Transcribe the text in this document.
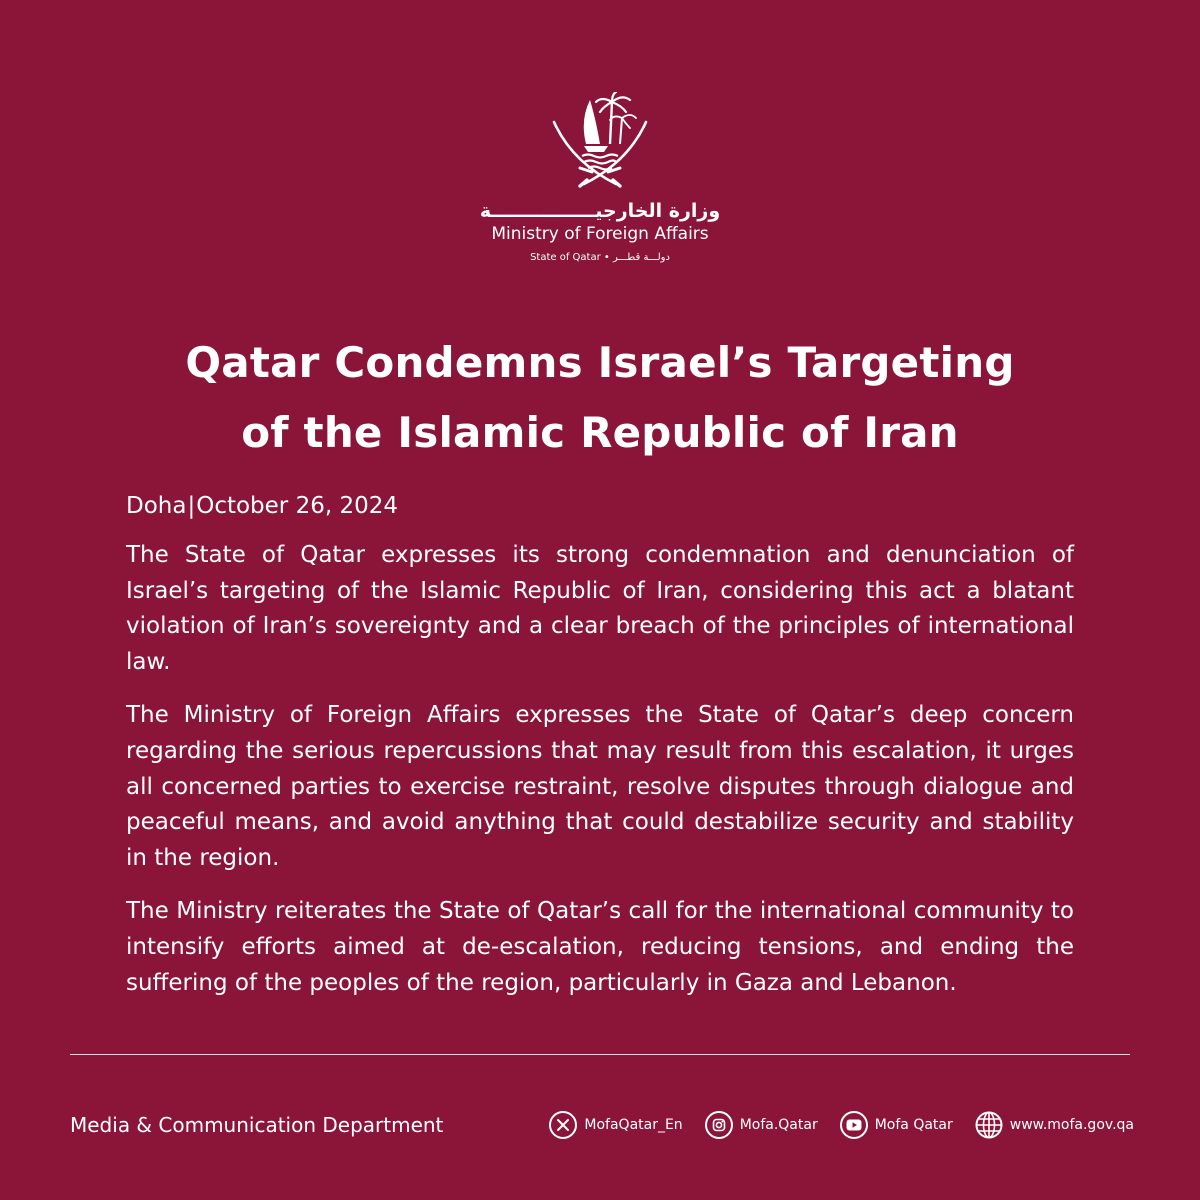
وزارة الخارجيــــــــــــــــة
Ministry of Foreign Affairs
State of Qatar • دولـــة قطـــر
Qatar Condemns Israel’s Targeting
of the Islamic Republic of Iran
Doha|October 26, 2024

The State of Qatar expresses its strong condemnation and denunciation of Israel’s targeting of the Islamic Republic of Iran, considering this act a blatant violation of Iran’s sovereignty and a clear breach of the principles of international law.

The Ministry of Foreign Affairs expresses the State of Qatar’s deep concern regarding the serious repercussions that may result from this escalation, it urges all concerned parties to exercise restraint, resolve disputes through dialogue and peaceful means, and avoid anything that could destabilize security and stability in the region.

The Ministry reiterates the State of Qatar’s call for the international community to intensify efforts aimed at de-escalation, reducing tensions, and ending the suffering of the peoples of the region, particularly in Gaza and Lebanon.

Media & Communication Department	MofaQatar_En	Mofa.Qatar	Mofa Qatar	www.mofa.gov.qa
